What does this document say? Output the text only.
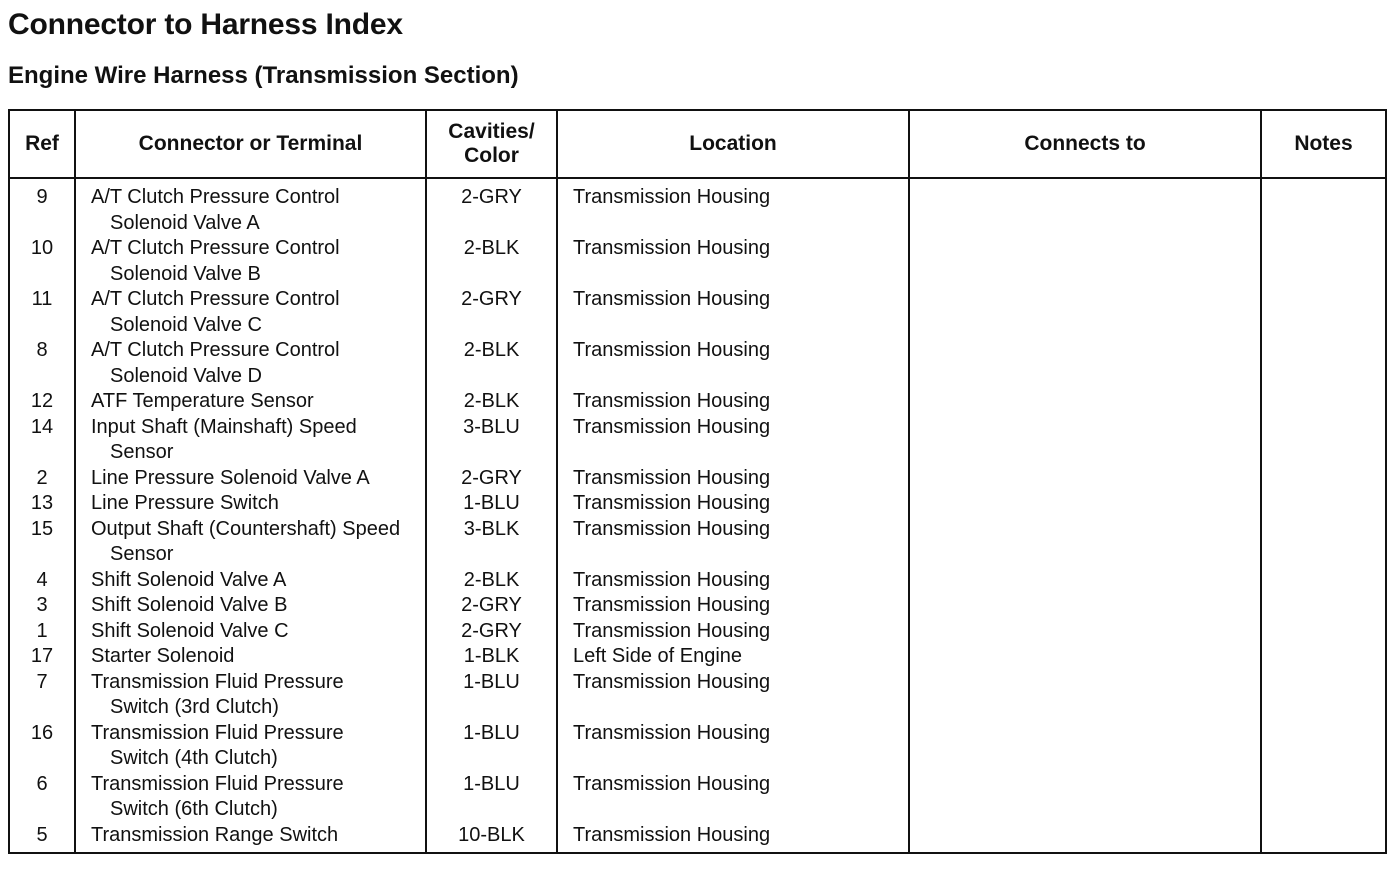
Connector to Harness Index
Engine Wire Harness (Transmission Section)
Ref	Connector or Terminal	Cavities/
Color	Location	Connects to	Notes
9	A/T Clutch Pressure Control
Solenoid Valve A	2-GRY	Transmission Housing		
10	A/T Clutch Pressure Control
Solenoid Valve B	2-BLK	Transmission Housing		
11	A/T Clutch Pressure Control
Solenoid Valve C	2-GRY	Transmission Housing		
8	A/T Clutch Pressure Control
Solenoid Valve D	2-BLK	Transmission Housing		
12	ATF Temperature Sensor	2-BLK	Transmission Housing		
14	Input Shaft (Mainshaft) Speed
Sensor	3-BLU	Transmission Housing		
2	Line Pressure Solenoid Valve A	2-GRY	Transmission Housing		
13	Line Pressure Switch	1-BLU	Transmission Housing		
15	Output Shaft (Countershaft) Speed
Sensor	3-BLK	Transmission Housing		
4	Shift Solenoid Valve A	2-BLK	Transmission Housing		
3	Shift Solenoid Valve B	2-GRY	Transmission Housing		
1	Shift Solenoid Valve C	2-GRY	Transmission Housing		
17	Starter Solenoid	1-BLK	Left Side of Engine		
7	Transmission Fluid Pressure
Switch (3rd Clutch)	1-BLU	Transmission Housing		
16	Transmission Fluid Pressure
Switch (4th Clutch)	1-BLU	Transmission Housing		
6	Transmission Fluid Pressure
Switch (6th Clutch)	1-BLU	Transmission Housing		
5	Transmission Range Switch	10-BLK	Transmission Housing		
